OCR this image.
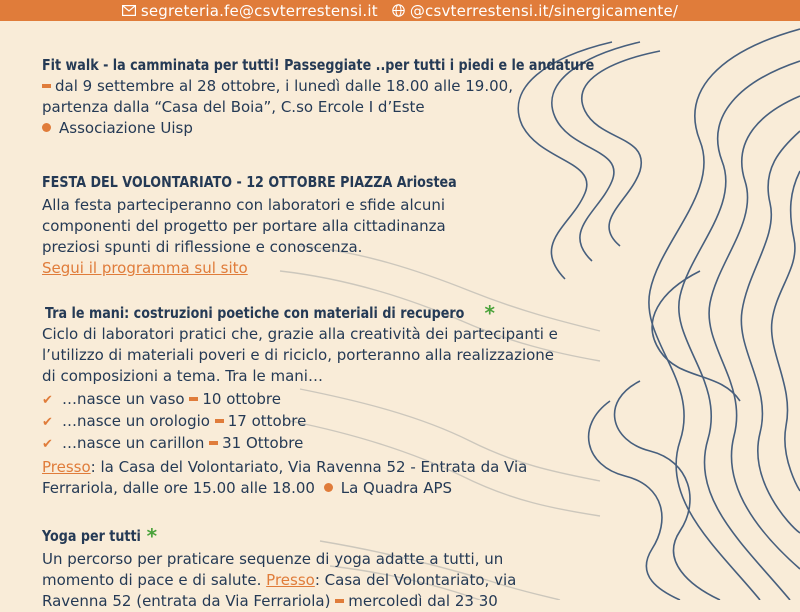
segreteria.fe@csvterrestensi.it @csvterrestensi.it/sinergicamente/
Fit walk - la camminata per tutti! Passeggiate ..per tutti i piedi e le andature

dal 9 settembre al 28 ottobre, i lunedì dalle 18.00 alle 19.00,

partenza dalla “Casa del Boia”, C.so Ercole I d’Este

Associazione Uisp

FESTA DEL VOLONTARIATO - 12 OTTOBRE PIAZZA Ariostea

Alla festa parteciperanno con laboratori e sfide alcuni

componenti del progetto per portare alla cittadinanza

preziosi spunti di riflessione e conoscenza.

Segui il programma sul sito

Tra le mani: costruzioni poetiche con materiali di recupero *

Ciclo di laboratori pratici che, grazie alla creatività dei partecipanti e

l’utilizzo di materiali poveri e di riciclo, porteranno alla realizzazione

di composizioni a tema. Tra le mani…

✔ …nasce un vaso 10 ottobre

✔ …nasce un orologio 17 ottobre

✔ …nasce un carillon 31 Ottobre

Presso: la Casa del Volontariato, Via Ravenna 52 - Entrata da Via

Ferrariola, dalle ore 15.00 alle 18.00 La Quadra APS

Yoga per tutti *

Un percorso per praticare sequenze di yoga adatte a tutti, un

momento di pace e di salute. Presso: Casa del Volontariato, via

Ravenna 52 (entrata da Via Ferrariola) mercoledì dal 23 30
